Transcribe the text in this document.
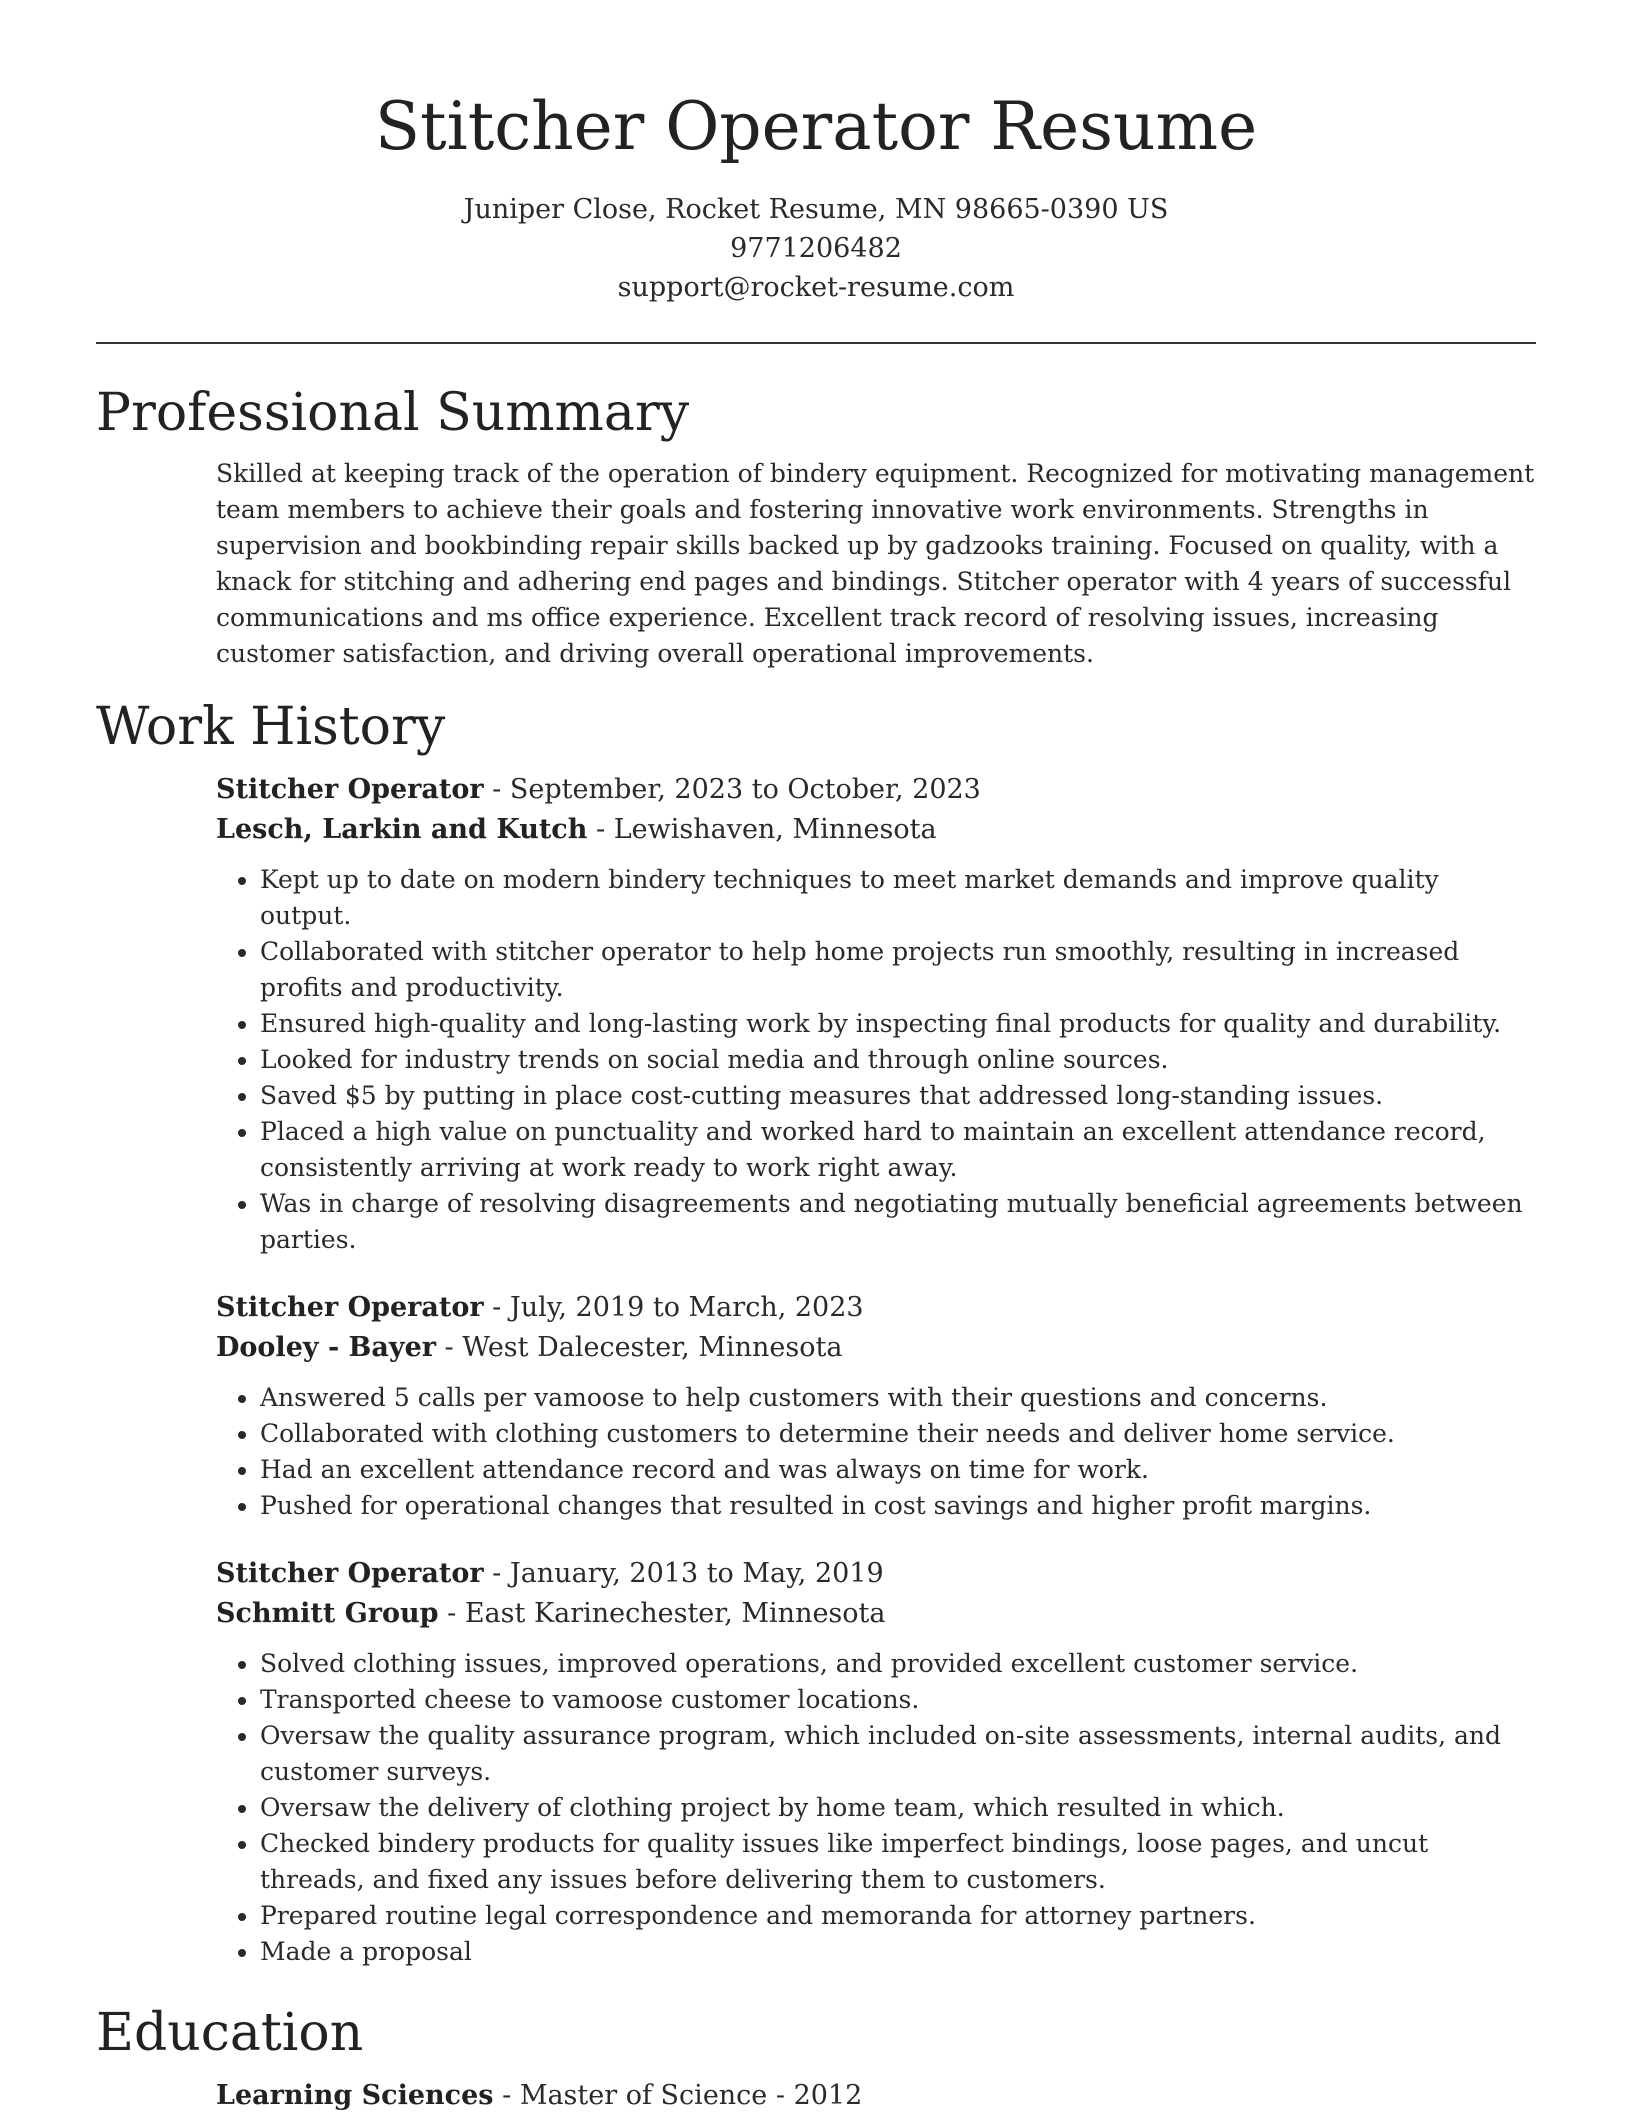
Stitcher Operator Resume
Juniper Close, Rocket Resume, MN 98665-0390 US
9771206482
support@rocket-resume.com
Professional Summary

Skilled at keeping track of the operation of bindery equipment. Recognized for motivating management team members to achieve their goals and fostering innovative work environments. Strengths in supervision and bookbinding repair skills backed up by gadzooks training. Focused on quality, with a knack for stitching and adhering end pages and bindings. Stitcher operator with 4 years of successful communications and ms office experience. Excellent track record of resolving issues, increasing customer satisfaction, and driving overall operational improvements.

Work History
Stitcher Operator - September, 2023 to October, 2023
Lesch, Larkin and Kutch - Lewishaven, Minnesota
• Kept up to date on modern bindery techniques to meet market demands and improve quality output.
• Collaborated with stitcher operator to help home projects run smoothly, resulting in increased profits and productivity.
• Ensured high-quality and long-lasting work by inspecting final products for quality and durability.
• Looked for industry trends on social media and through online sources.
• Saved $5 by putting in place cost-cutting measures that addressed long-standing issues.
• Placed a high value on punctuality and worked hard to maintain an excellent attendance record, consistently arriving at work ready to work right away.
• Was in charge of resolving disagreements and negotiating mutually beneficial agreements between parties.
Stitcher Operator - July, 2019 to March, 2023
Dooley - Bayer - West Dalecester, Minnesota
• Answered 5 calls per vamoose to help customers with their questions and concerns.
• Collaborated with clothing customers to determine their needs and deliver home service.
• Had an excellent attendance record and was always on time for work.
• Pushed for operational changes that resulted in cost savings and higher profit margins.
Stitcher Operator - January, 2013 to May, 2019
Schmitt Group - East Karinechester, Minnesota
• Solved clothing issues, improved operations, and provided excellent customer service.
• Transported cheese to vamoose customer locations.
• Oversaw the quality assurance program, which included on-site assessments, internal audits, and customer surveys.
• Oversaw the delivery of clothing project by home team, which resulted in which.
• Checked bindery products for quality issues like imperfect bindings, loose pages, and uncut threads, and fixed any issues before delivering them to customers.
• Prepared routine legal correspondence and memoranda for attorney partners.
• Made a proposal
Education
Learning Sciences - Master of Science - 2012
